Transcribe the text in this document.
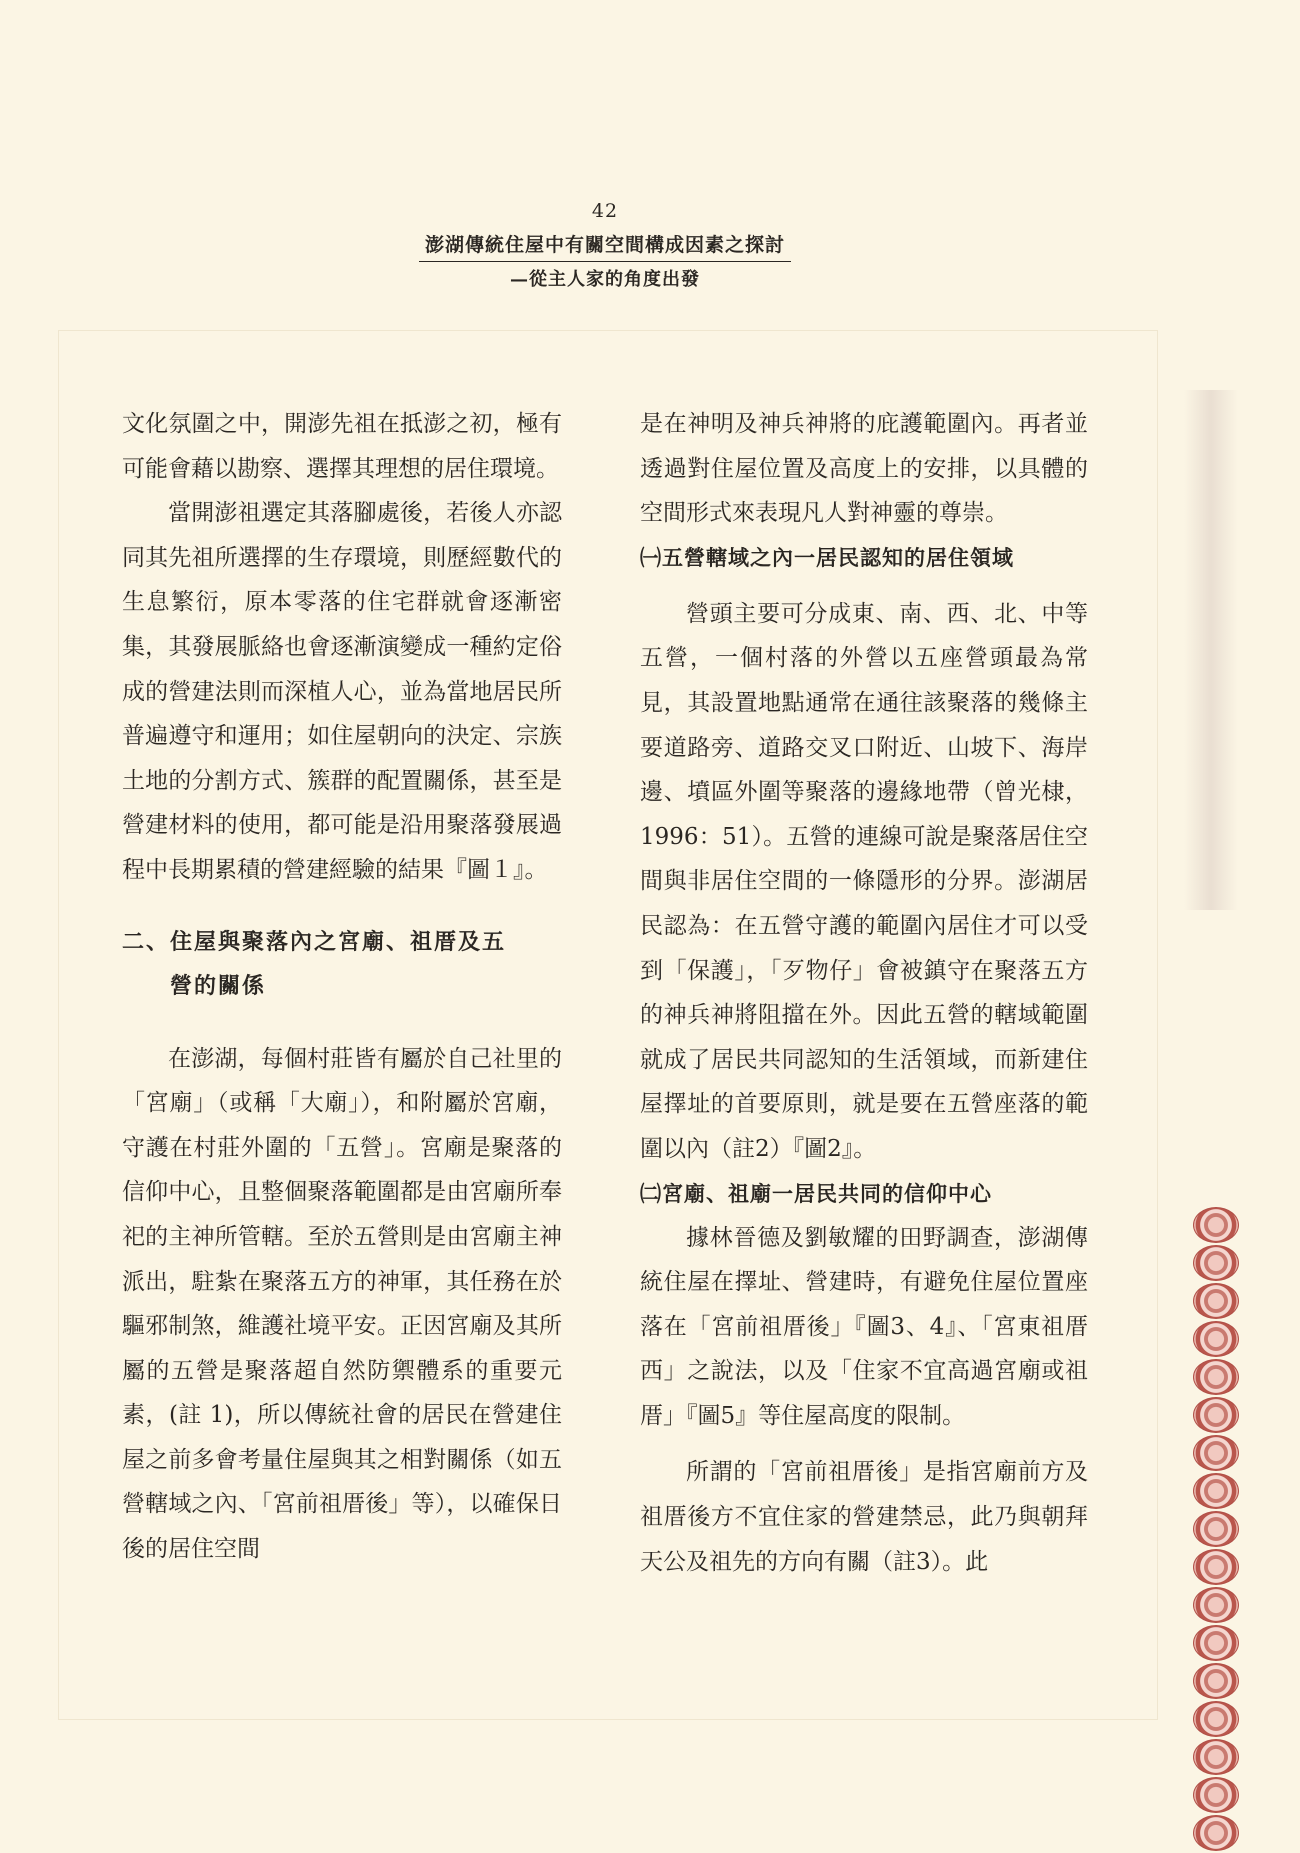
42
澎湖傳統住屋中有關空間構成因素之探討
—從主人家的角度出發

文化氛圍之中，開澎先祖在抵澎之初，極有可能會藉以勘察、選擇其理想的居住環境。

當開澎祖選定其落腳處後，若後人亦認同其先祖所選擇的生存環境，則歷經數代的生息繁衍，原本零落的住宅群就會逐漸密集，其發展脈絡也會逐漸演變成一種約定俗成的營建法則而深植人心，並為當地居民所普遍遵守和運用；如住屋朝向的決定、宗族土地的分割方式、簇群的配置關係，甚至是營建材料的使用，都可能是沿用聚落發展過程中長期累積的營建經驗的結果『圖１』。

二、住屋與聚落內之宮廟、祖厝及五
營的關係

在澎湖，每個村莊皆有屬於自己社里的「宮廟」（或稱「大廟」），和附屬於宮廟，守護在村莊外圍的「五營」。宮廟是聚落的信仰中心，且整個聚落範圍都是由宮廟所奉祀的主神所管轄。至於五營則是由宮廟主神派出，駐紮在聚落五方的神軍，其任務在於驅邪制煞，維護社境平安。正因宮廟及其所屬的五營是聚落超自然防禦體系的重要元素，(註 1)，所以傳統社會的居民在營建住屋之前多會考量住屋與其之相對關係（如五營轄域之內、「宮前祖厝後」等），以確保日後的居住空間

是在神明及神兵神將的庇護範圍內。再者並透過對住屋位置及高度上的安排，以具體的空間形式來表現凡人對神靈的尊崇。

㈠五營轄域之內一居民認知的居住領域

營頭主要可分成東、南、西、北、中等五營，一個村落的外營以五座營頭最為常見，其設置地點通常在通往該聚落的幾條主要道路旁、道路交叉口附近、山坡下、海岸邊、墳區外圍等聚落的邊緣地帶（曾光棣，1996：51）。五營的連線可說是聚落居住空間與非居住空間的一條隱形的分界。澎湖居民認為：在五營守護的範圍內居住才可以受到「保護」，「歹物仔」會被鎮守在聚落五方的神兵神將阻擋在外。因此五營的轄域範圍就成了居民共同認知的生活領域，而新建住屋擇址的首要原則，就是要在五營座落的範圍以內（註2）『圖2』。

㈡宮廟、祖廟一居民共同的信仰中心

據林晉德及劉敏耀的田野調查，澎湖傳統住屋在擇址、營建時，有避免住屋位置座落在「宮前祖厝後」『圖3、4』、「宮東祖厝西」之說法，以及「住家不宜高過宮廟或祖厝」『圖5』等住屋高度的限制。

所謂的「宮前祖厝後」是指宮廟前方及祖厝後方不宜住家的營建禁忌，此乃與朝拜天公及祖先的方向有關（註3）。此
